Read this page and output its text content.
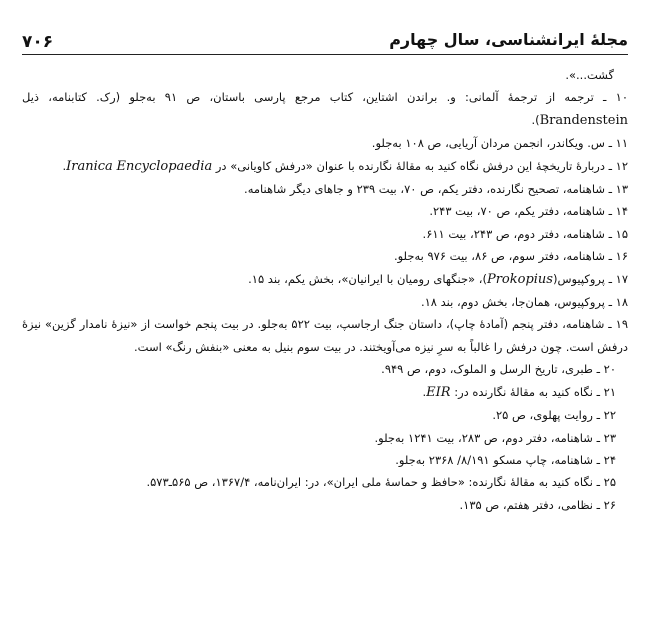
۷۰۶	مجلهٔ ایرانشناسی، سال چهارم

گشت...».

۱۰ ـ ترجمه از ترجمهٔ آلمانی: و. براندن اشتاین، کتاب مرجع پارسی باستان، ص ۹۱ به‌جلو (رک. کتابنامه، ذیل Brandenstein).

۱۱ ـ س. ویکاندر، انجمن مردان آریایی، ص ۱۰۸ به‌جلو.

۱۲ ـ دربارهٔ تاریخچهٔ این درفش نگاه کنید به مقالهٔ نگارنده با عنوان «درفش کاویانی» در Encyclopaedia Iranica.

۱۳ ـ شاهنامه، تصحیح نگارنده، دفتر یکم، ص ۷۰، بیت ۲۳۹ و جاهای دیگر شاهنامه.

۱۴ ـ شاهنامه، دفتر یکم، ص ۷۰، بیت ۲۴۳.

۱۵ ـ شاهنامه، دفتر دوم، ص ۲۴۳، بیت ۶۱۱.

۱۶ ـ شاهنامه، دفتر سوم، ص ۸۶، بیت ۹۷۶ به‌جلو.

۱۷ ـ پروکپیوس(Prokopius)، «جنگهای رومیان با ایرانیان»، بخش یکم، بند ۱۵.

۱۸ ـ پروکپیوس، همان‌جا، بخش دوم، بند ۱۸.

۱۹ ـ شاهنامه، دفتر پنجم (آمادهٔ چاپ)، داستان جنگ ارجاسپ، بیت ۵۲۲ به‌جلو. در بیت پنجم خواست از «نیزهٔ نامدار گزین» نیزهٔ درفش است. چون درفش را غالباً به سرِ نیزه می‌آویختند. در بیت سوم بنیل به معنی «بنفش رنگ» است.

۲۰ ـ طبری، تاریخ الرسل و الملوک، دوم، ص ۹۴۹.

۲۱ ـ نگاه کنید به مقالهٔ نگارنده در: EIR.

۲۲ ـ روایت پهلوی، ص ۲۵.

۲۳ ـ شاهنامه، دفتر دوم، ص ۲۸۳، بیت ۱۲۴۱ به‌جلو.

۲۴ ـ شاهنامه، چاپ مسکو ۸/۱۹۱/ ۲۳۶۸ به‌جلو.

۲۵ ـ نگاه کنید به مقالهٔ نگارنده: «حافظ و حماسهٔ ملی ایران»، در: ایران‌نامه، ۱۳۶۷/۴، ص ۵۶۵ـ۵۷۳.

۲۶ ـ نظامی، دفتر هفتم، ص ۱۳۵.
